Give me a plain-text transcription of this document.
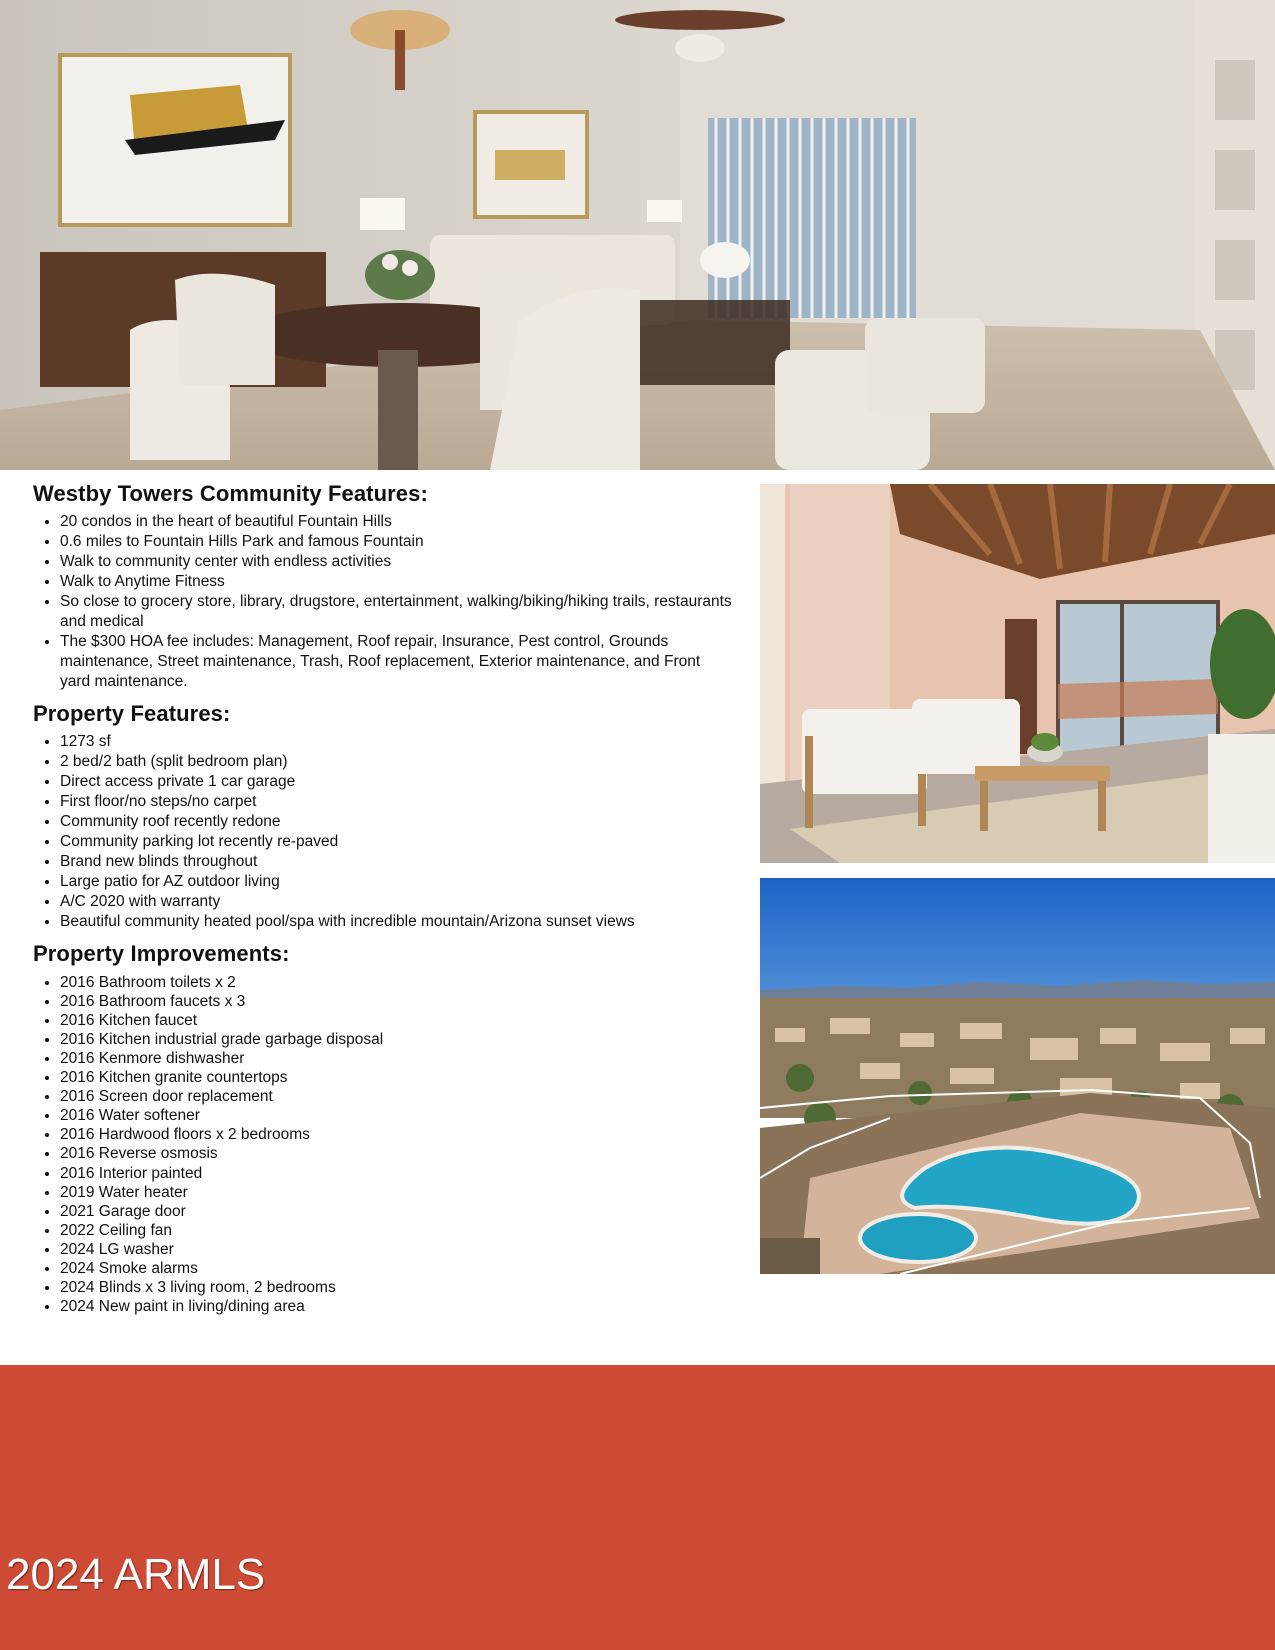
Westby Towers Community Features:
• 20 condos in the heart of beautiful Fountain Hills
• 0.6 miles to Fountain Hills Park and famous Fountain
• Walk to community center with endless activities
• Walk to Anytime Fitness
• So close to grocery store, library, drugstore, entertainment, walking/biking/hiking trails, restaurants and medical
• The $300 HOA fee includes: Management, Roof repair, Insurance, Pest control, Grounds maintenance, Street maintenance, Trash, Roof replacement, Exterior maintenance, and Front yard maintenance.
Property Features:
• 1273 sf
• 2 bed/2 bath (split bedroom plan)
• Direct access private 1 car garage
• First floor/no steps/no carpet
• Community roof recently redone
• Community parking lot recently re-paved
• Brand new blinds throughout
• Large patio for AZ outdoor living
• A/C 2020 with warranty
• Beautiful community heated pool/spa with incredible mountain/Arizona sunset views
Property Improvements:
• 2016 Bathroom toilets x 2
• 2016 Bathroom faucets x 3
• 2016 Kitchen faucet
• 2016 Kitchen industrial grade garbage disposal
• 2016 Kenmore dishwasher
• 2016 Kitchen granite countertops
• 2016 Screen door replacement
• 2016 Water softener
• 2016 Hardwood floors x 2 bedrooms
• 2016 Reverse osmosis
• 2016 Interior painted
• 2019 Water heater
• 2021 Garage door
• 2022 Ceiling fan
• 2024 LG washer
• 2024 Smoke alarms
• 2024 Blinds x 3 living room, 2 bedrooms
• 2024 New paint in living/dining area
2024 ARMLS
